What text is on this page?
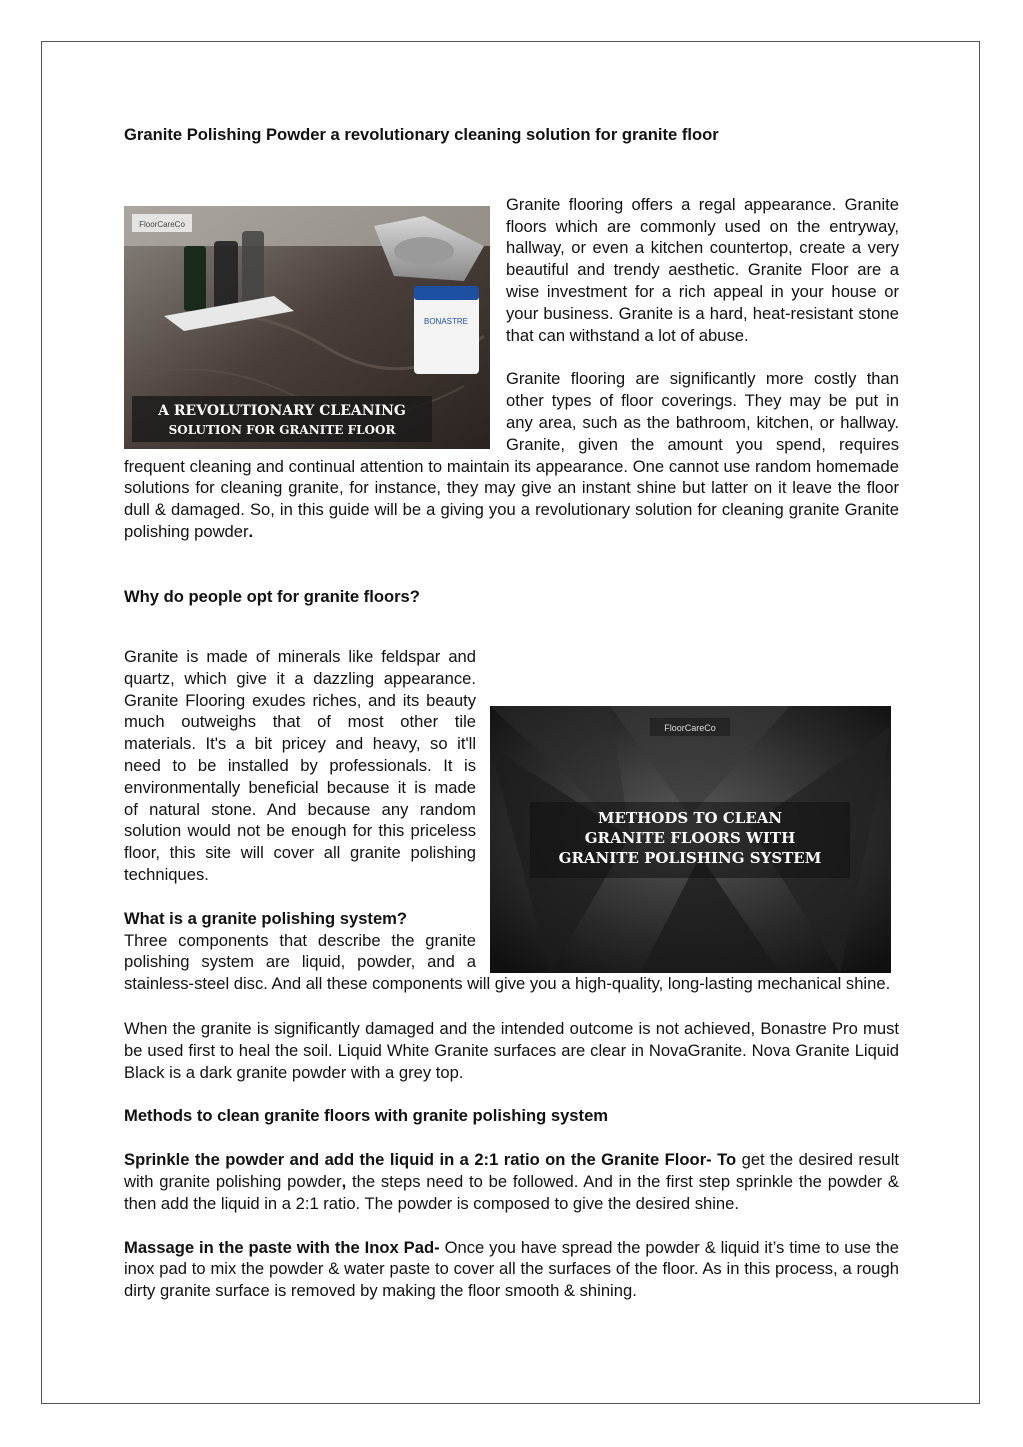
Granite Polishing Powder a revolutionary cleaning solution for granite floor
BONASTRE
FloorCareCo
A REVOLUTIONARY CLEANING
SOLUTION FOR GRANITE FLOOR

Granite flooring offers a regal appearance. Granite floors which are commonly used on the entryway, hallway, or even a kitchen countertop, create a very beautiful and trendy aesthetic. Granite Floor are a wise investment for a rich appeal in your house or your business. Granite is a hard, heat-resistant stone that can withstand a lot of abuse.

Granite flooring are significantly more costly than other types of floor coverings. They may be put in any area, such as the bathroom, kitchen, or hallway. Granite, given the amount you spend, requires frequent cleaning and continual attention to maintain its appearance. One cannot use random homemade solutions for cleaning granite, for instance, they may give an instant shine but latter on it leave the floor dull & damaged. So, in this guide will be a giving you a revolutionary solution for cleaning granite Granite polishing powder.

Why do people opt for granite floors?
FloorCareCo
METHODS TO CLEAN
GRANITE FLOORS WITH
GRANITE POLISHING SYSTEM

When the granite is significantly damaged and the intended outcome is not achieved, Bonastre Pro must be used first to heal the soil. Liquid White Granite surfaces are clear in NovaGranite. Nova Granite Liquid Black is a dark granite powder with a grey top.

Methods to clean granite floors with granite polishing system

Sprinkle the powder and add the liquid in a 2:1 ratio on the Granite Floor- To get the desired result with granite polishing powder, the steps need to be followed. And in the first step sprinkle the powder & then add the liquid in a 2:1 ratio. The powder is composed to give the desired shine.

Massage in the paste with the Inox Pad- Once you have spread the powder & liquid it’s time to use the inox pad to mix the powder & water paste to cover all the surfaces of the floor. As in this process, a rough dirty granite surface is removed by making the floor smooth & shining.

Granite is made of minerals like feldspar and quartz, which give it a dazzling appearance. Granite Flooring exudes riches, and its beauty much outweighs that of most other tile materials. It's a bit pricey and heavy, so it'll need to be installed by professionals. It is environmentally beneficial because it is made of natural stone. And because any random solution would not be enough for this priceless floor, this site will cover all granite polishing techniques.

What is a granite polishing system?

Three components that describe the granite polishing system are liquid, powder, and a stainless-steel disc. And all these components will give you a high-quality, long-lasting mechanical shine.
